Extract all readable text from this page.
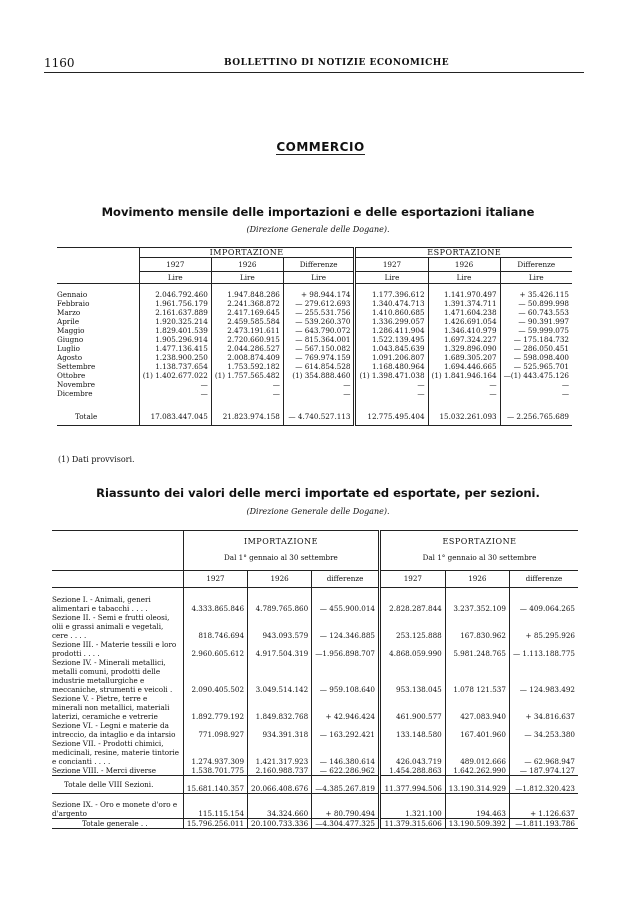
1160	BOLLETTINO DI NOTIZIE ECONOMICHE
COMMERCIO
Movimento mensile delle importazioni e delle esportazioni italiane
(Direzione Generale delle Dogane).
	IMPORTAZIONE			ESPORTAZIONE		
	1927	1926	Differenze	1927	1926	Differenze
	Lire	Lire	Lire	Lire	Lire	Lire

Gennaio	2.046.792.460	1.947.848.286	+ 98.944.174	1.177.396.612	1.141.970.497	+ 35.426.115
Febbraio	1.961.756.179	2.241.368.872	— 279.612.693	1.340.474.713	1.391.374.711	— 50.899.998
Marzo	2.161.637.889	2.417.169.645	— 255.531.756	1.410.860.685	1.471.604.238	— 60.743.553
Aprile	1.920.325.214	2.459.585.584	— 539.260.370	1.336.299.057	1.426.691.054	— 90.391.997
Maggio	1.829.401.539	2.473.191.611	— 643.790.072	1.286.411.904	1.346.410.979	— 59.999.075
Giugno	1.905.296.914	2.720.660.915	— 815.364.001	1.522.139.495	1.697.324.227	— 175.184.732
Luglio	1.477.136.415	2.044.286.527	— 567.150.082	1.043.845.639	1.329.896.090	— 286.050.451
Agosto	1.238.900.250	2.008.874.409	— 769.974.159	1.091.206.807	1.689.305.207	— 598.098.400
Settembre	1.138.737.654	1.753.592.182	— 614.854.528	1.168.480.964	1.694.446.665	— 525.965.701
Ottobre	(1) 1.402.677.022	(1) 1.757.565.482	(1) 354.888.460	(1) 1.398.471.038	(1) 1.841.946.164	—(1) 443.475.126
Novembre	—	—	—	—	—	—
Dicembre	—	—	—	—	—	—

Totale	17.083.447.045	21.823.974.158	— 4.740.527.113	12.775.495.404	15.032.261.093	— 2.256.765.689
(1) Dati provvisori.
Riassunto dei valori delle merci importate ed esportate, per sezioni.
(Direzione Generale delle Dogane).
	IMPORTAZIONE			ESPORTAZIONE		
	Dal 1° gennaio al 30 settembre			Dal 1° gennaio al 30 settembre		
	1927	1926	differenze	1927	1926	differenze

Sezione I. - Animali, generi alimentari e tabacchi . . . .	4.333.865.846	4.789.765.860	— 455.900.014	2.828.287.844	3.237.352.109	— 409.064.265
Sezione II. - Semi e frutti oleosi, olii e grassi animali e vegetali, cere . . . .	818.746.694	943.093.579	— 124.346.885	253.125.888	167.830.962	+ 85.295.926
Sezione III. - Materie tessili e loro prodotti . . . .	2.960.605.612	4.917.504.319	—1.956.898.707	4.868.059.990	5.981.248.765	— 1.113.188.775
Sezione IV. - Minerali metallici, metalli comuni, prodotti delle industrie metallurgiche e meccaniche, strumenti e veicoli .	2.090.405.502	3.049.514.142	— 959.108.640	953.138.045	1.078 121.537	— 124.983.492
Sezione V. - Pietre, terre e minerali non metallici, materiali laterizi, ceramiche e vetrerie	1.892.779.192	1.849.832.768	+ 42.946.424	461.900.577	427.083.940	+ 34.816.637
Sezione VI. - Legni e materie da intreccio, da intaglio e da intarsio	771.098.927	934.391.318	— 163.292.421	133.148.580	167.401.960	— 34.253.380
Sezione VII. - Prodotti chimici, medicinali, resine, materie tintorie e concianti . . . .	1.274.937.309	1.421.317.923	— 146.380.614	426.043.719	489.012.666	— 62.968.947
Sezione VIII. - Merci diverse	1.538.701.775	2.160.988.737	— 622.286.962	1.454.288.863	1.642.262.990	— 187.974.127
Totale delle VIII Sezioni.	15.681.140.357	20.066.408.676	—4.385.267.819	11.377.994.506	13.190.314.929	—1.812.320.423
Sezione IX. - Oro e monete d'oro e d'argento	115.115.154	34.324.660	+ 80.790.494	1.321.100	194.463	+ 1.126.637
Totale generale . .	15.796.256.011	20.100.733.336	—4.304.477.325	11.379.315.606	13.190.509.392	—1.811.193.786
